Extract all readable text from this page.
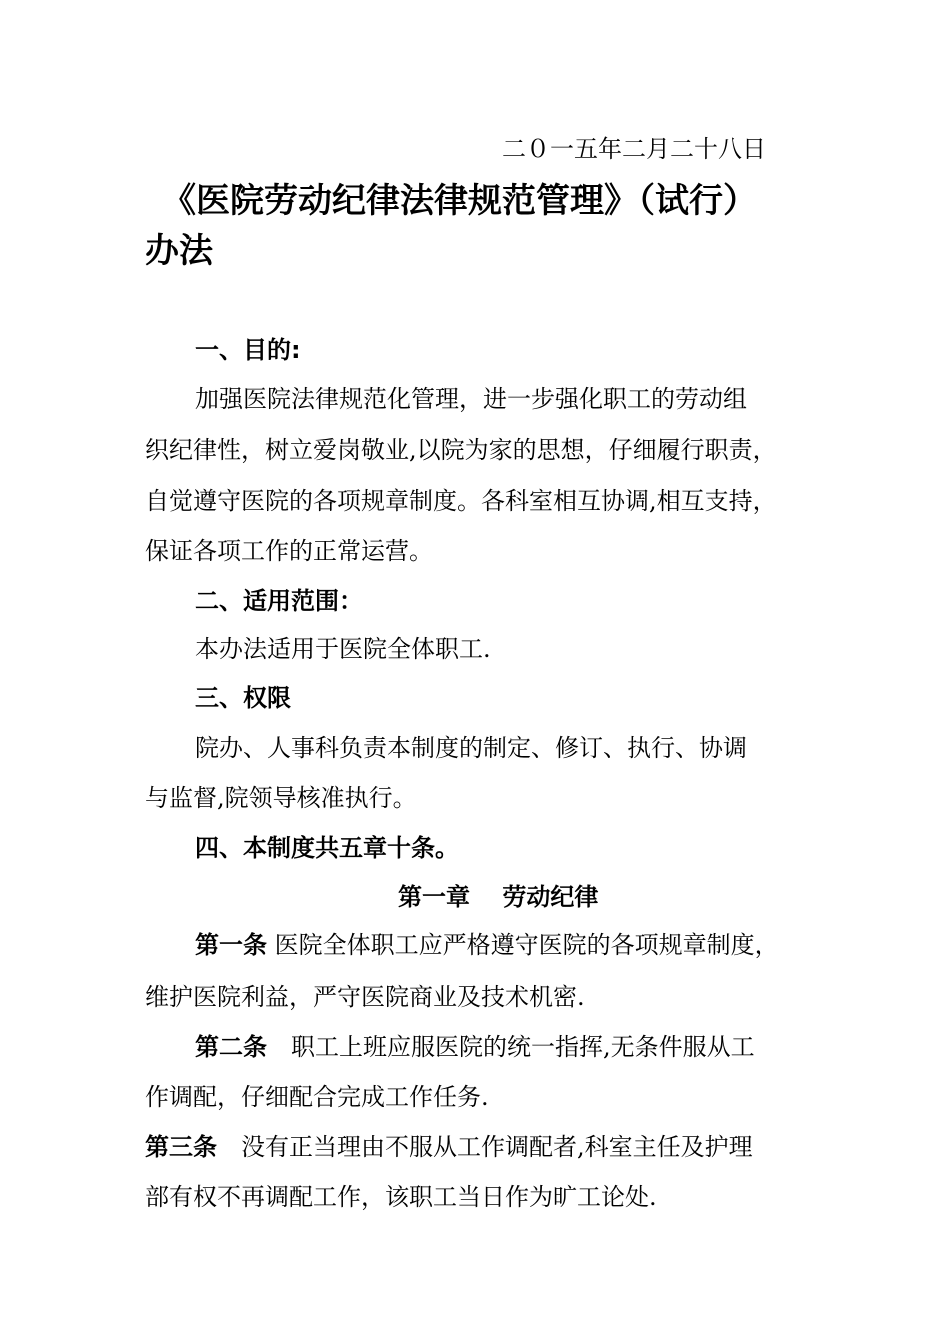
二０一五年二月二十八日
《医院劳动纪律法律规范管理》（试行）
办法
一、目的:
加强医院法律规范化管理，进一步强化职工的劳动组
织纪律性，树立爱岗敬业,以院为家的思想，仔细履行职责，
自觉遵守医院的各项规章制度。各科室相互协调,相互支持，
保证各项工作的正常运营。
二、适用范围：
本办法适用于医院全体职工.
三、权限
院办、人事科负责本制度的制定、修订、执行、协调
与监督,院领导核准执行。
四、本制度共五章十条。
第一章　 劳动纪律
第一条 医院全体职工应严格遵守医院的各项规章制度，
维护医院利益，严守医院商业及技术机密.
第二条　职工上班应服医院的统一指挥,无条件服从工
作调配，仔细配合完成工作任务.
第三条　没有正当理由不服从工作调配者,科室主任及护理
部有权不再调配工作，该职工当日作为旷工论处.
